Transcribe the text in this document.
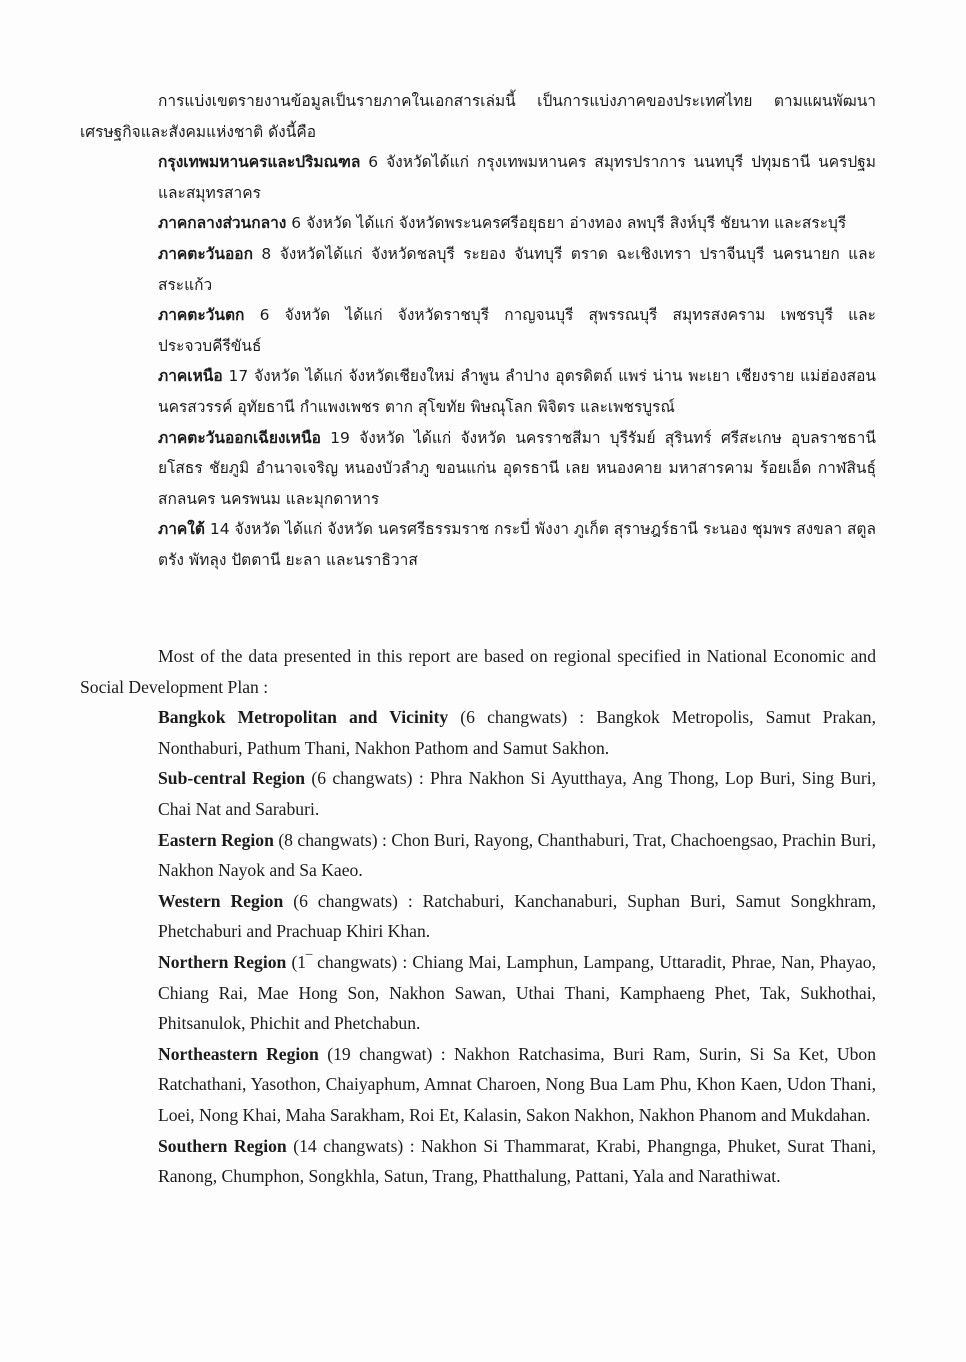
การแบ่งเขตรายงานข้อมูลเป็นรายภาคในเอกสารเล่มนี้ เป็นการแบ่งภาคของประเทศไทย ตามแผนพัฒนาเศรษฐกิจและสังคมแห่งชาติ ดังนี้คือ

กรุงเทพมหานครและปริมณฑล 6 จังหวัดได้แก่ กรุงเทพมหานคร สมุทรปราการ นนทบุรี ปทุมธานี นครปฐม และสมุทรสาคร

ภาคกลางส่วนกลาง 6 จังหวัด ได้แก่ จังหวัดพระนครศรีอยุธยา อ่างทอง ลพบุรี สิงห์บุรี ชัยนาท และสระบุรี

ภาคตะวันออก 8 จังหวัดได้แก่ จังหวัดชลบุรี ระยอง จันทบุรี ตราด ฉะเชิงเทรา ปราจีนบุรี นครนายก และสระแก้ว

ภาคตะวันตก 6 จังหวัด ได้แก่ จังหวัดราชบุรี กาญจนบุรี สุพรรณบุรี สมุทรสงคราม เพชรบุรี และประจวบคีรีขันธ์

ภาคเหนือ 17 จังหวัด ได้แก่ จังหวัดเชียงใหม่ ลำพูน ลำปาง อุตรดิตถ์ แพร่ น่าน พะเยา เชียงราย แม่ฮ่องสอน นครสวรรค์ อุทัยธานี กำแพงเพชร ตาก สุโขทัย พิษณุโลก พิจิตร และเพชรบูรณ์

ภาคตะวันออกเฉียงเหนือ 19 จังหวัด ได้แก่ จังหวัด นครราชสีมา บุรีรัมย์ สุรินทร์ ศรีสะเกษ อุบลราชธานี ยโสธร ชัยภูมิ อำนาจเจริญ หนองบัวลำภู ขอนแก่น อุดรธานี เลย หนองคาย มหาสารคาม ร้อยเอ็ด กาฬสินธุ์ สกลนคร นครพนม และมุกดาหาร

ภาคใต้ 14 จังหวัด ได้แก่ จังหวัด นครศรีธรรมราช กระบี่ พังงา ภูเก็ต สุราษฎร์ธานี ระนอง ชุมพร สงขลา สตูล ตรัง พัทลุง ปัตตานี ยะลา และนราธิวาส

Most of the data presented in this report are based on regional specified in National Economic and Social Development Plan :

Bangkok Metropolitan and Vicinity (6 changwats) : Bangkok Metropolis, Samut Prakan, Nonthaburi, Pathum Thani, Nakhon Pathom and Samut Sakhon.

Sub-central Region (6 changwats) : Phra Nakhon Si Ayutthaya, Ang Thong, Lop Buri, Sing Buri, Chai Nat and Saraburi.

Eastern Region (8 changwats) : Chon Buri, Rayong, Chanthaburi, Trat, Chachoengsao, Prachin Buri, Nakhon Nayok and Sa Kaeo.

Western Region (6 changwats) : Ratchaburi, Kanchanaburi, Suphan Buri, Samut Songkhram, Phetchaburi and Prachuap Khiri Khan.

Northern Region (1‾ changwats) : Chiang Mai, Lamphun, Lampang, Uttaradit, Phrae, Nan, Phayao, Chiang Rai, Mae Hong Son, Nakhon Sawan, Uthai Thani, Kamphaeng Phet, Tak, Sukhothai, Phitsanulok, Phichit and Phetchabun.

Northeastern Region (19 changwat) : Nakhon Ratchasima, Buri Ram, Surin, Si Sa Ket, Ubon Ratchathani, Yasothon, Chaiyaphum, Amnat Charoen, Nong Bua Lam Phu, Khon Kaen, Udon Thani, Loei, Nong Khai, Maha Sarakham, Roi Et, Kalasin, Sakon Nakhon, Nakhon Phanom and Mukdahan.

Southern Region (14 changwats) : Nakhon Si Thammarat, Krabi, Phangnga, Phuket, Surat Thani, Ranong, Chumphon, Songkhla, Satun, Trang, Phatthalung, Pattani, Yala and Narathiwat.
